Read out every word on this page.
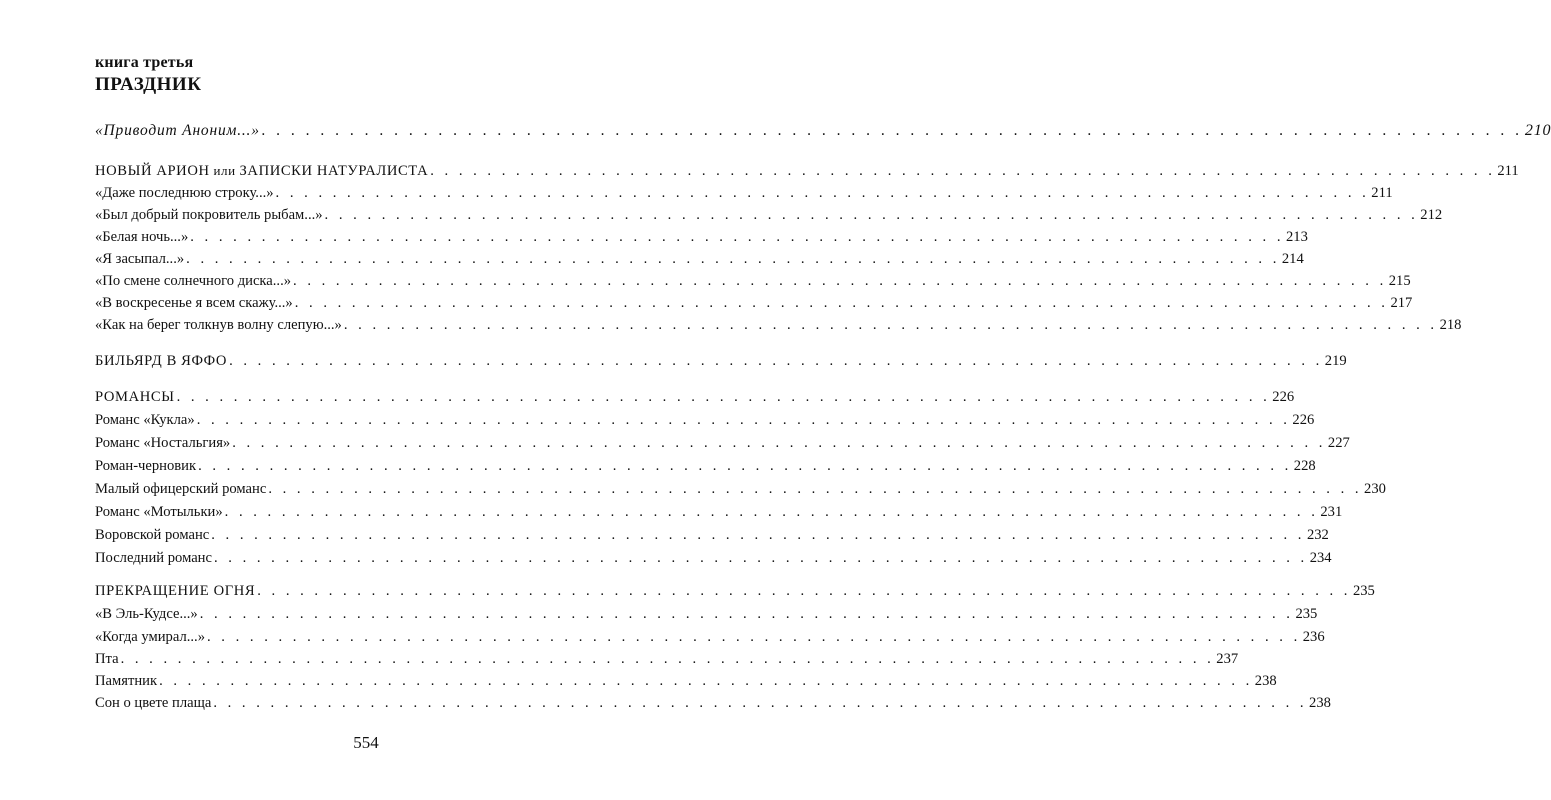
книга третья
ПРАЗДНИК
«Приводит Аноним...» . . . . . . . . . . . . . . . . . . . . . . . . . . . . . . . . . . . . . . . . . . . . . . . . . . . . . . . . . . . . . . . . . . . . . . . . . . . . . . . . . . . . . . 210
НОВЫЙ АРИОН или ЗАПИСКИ НАТУРАЛИСТА . . . . . . . . . . . . . . . . . . . . . . . . . . . . . . . . . . . . . . . . . . . . . . . . . . . . . . . . . . . . . . . . . . . . . . . . . . . 211
«Даже последнюю строку...» . . . . . . . . . . . . . . . . . . . . . . . . . . . . . . . . . . . . . . . . . . . . . . . . . . . . . . . . . . . . . . . . . . . . . . . . . . . . . 211
«Был добрый покровитель рыбам...» . . . . . . . . . . . . . . . . . . . . . . . . . . . . . . . . . . . . . . . . . . . . . . . . . . . . . . . . . . . . . . . . . . . . . . . . . . . . . 212
«Белая ночь...» . . . . . . . . . . . . . . . . . . . . . . . . . . . . . . . . . . . . . . . . . . . . . . . . . . . . . . . . . . . . . . . . . . . . . . . . . . . . . 213
«Я засыпал...» . . . . . . . . . . . . . . . . . . . . . . . . . . . . . . . . . . . . . . . . . . . . . . . . . . . . . . . . . . . . . . . . . . . . . . . . . . . . . 214
«По смене солнечного диска...» . . . . . . . . . . . . . . . . . . . . . . . . . . . . . . . . . . . . . . . . . . . . . . . . . . . . . . . . . . . . . . . . . . . . . . . . . . . . . 215
«В воскресенье я всем скажу...» . . . . . . . . . . . . . . . . . . . . . . . . . . . . . . . . . . . . . . . . . . . . . . . . . . . . . . . . . . . . . . . . . . . . . . . . . . . . . 217
«Как на берег толкнув волну слепую...» . . . . . . . . . . . . . . . . . . . . . . . . . . . . . . . . . . . . . . . . . . . . . . . . . . . . . . . . . . . . . . . . . . . . . . . . . . . . . 218
БИЛЬЯРД В ЯФФО . . . . . . . . . . . . . . . . . . . . . . . . . . . . . . . . . . . . . . . . . . . . . . . . . . . . . . . . . . . . . . . . . . . . . . . . . . . . . 219
РОМАНСЫ . . . . . . . . . . . . . . . . . . . . . . . . . . . . . . . . . . . . . . . . . . . . . . . . . . . . . . . . . . . . . . . . . . . . . . . . . . . . . 226
Романс «Кукла» . . . . . . . . . . . . . . . . . . . . . . . . . . . . . . . . . . . . . . . . . . . . . . . . . . . . . . . . . . . . . . . . . . . . . . . . . . . . . 226
Романс «Ностальгия» . . . . . . . . . . . . . . . . . . . . . . . . . . . . . . . . . . . . . . . . . . . . . . . . . . . . . . . . . . . . . . . . . . . . . . . . . . . . . 227
Роман-черновик . . . . . . . . . . . . . . . . . . . . . . . . . . . . . . . . . . . . . . . . . . . . . . . . . . . . . . . . . . . . . . . . . . . . . . . . . . . . . 228
Малый офицерский романс . . . . . . . . . . . . . . . . . . . . . . . . . . . . . . . . . . . . . . . . . . . . . . . . . . . . . . . . . . . . . . . . . . . . . . . . . . . . . 230
Романс «Мотыльки» . . . . . . . . . . . . . . . . . . . . . . . . . . . . . . . . . . . . . . . . . . . . . . . . . . . . . . . . . . . . . . . . . . . . . . . . . . . . . 231
Воровской романс . . . . . . . . . . . . . . . . . . . . . . . . . . . . . . . . . . . . . . . . . . . . . . . . . . . . . . . . . . . . . . . . . . . . . . . . . . . . . 232
Последний романс . . . . . . . . . . . . . . . . . . . . . . . . . . . . . . . . . . . . . . . . . . . . . . . . . . . . . . . . . . . . . . . . . . . . . . . . . . . . . 234
ПРЕКРАЩЕНИЕ ОГНЯ . . . . . . . . . . . . . . . . . . . . . . . . . . . . . . . . . . . . . . . . . . . . . . . . . . . . . . . . . . . . . . . . . . . . . . . . . . . . . 235
«В Эль-Кудсе...» . . . . . . . . . . . . . . . . . . . . . . . . . . . . . . . . . . . . . . . . . . . . . . . . . . . . . . . . . . . . . . . . . . . . . . . . . . . . . 235
«Когда умирал...» . . . . . . . . . . . . . . . . . . . . . . . . . . . . . . . . . . . . . . . . . . . . . . . . . . . . . . . . . . . . . . . . . . . . . . . . . . . . . 236
Пта . . . . . . . . . . . . . . . . . . . . . . . . . . . . . . . . . . . . . . . . . . . . . . . . . . . . . . . . . . . . . . . . . . . . . . . . . . . . . 237
Памятник . . . . . . . . . . . . . . . . . . . . . . . . . . . . . . . . . . . . . . . . . . . . . . . . . . . . . . . . . . . . . . . . . . . . . . . . . . . . . 238
Сон о цвете плаща . . . . . . . . . . . . . . . . . . . . . . . . . . . . . . . . . . . . . . . . . . . . . . . . . . . . . . . . . . . . . . . . . . . . . . . . . . . . . 238
554
